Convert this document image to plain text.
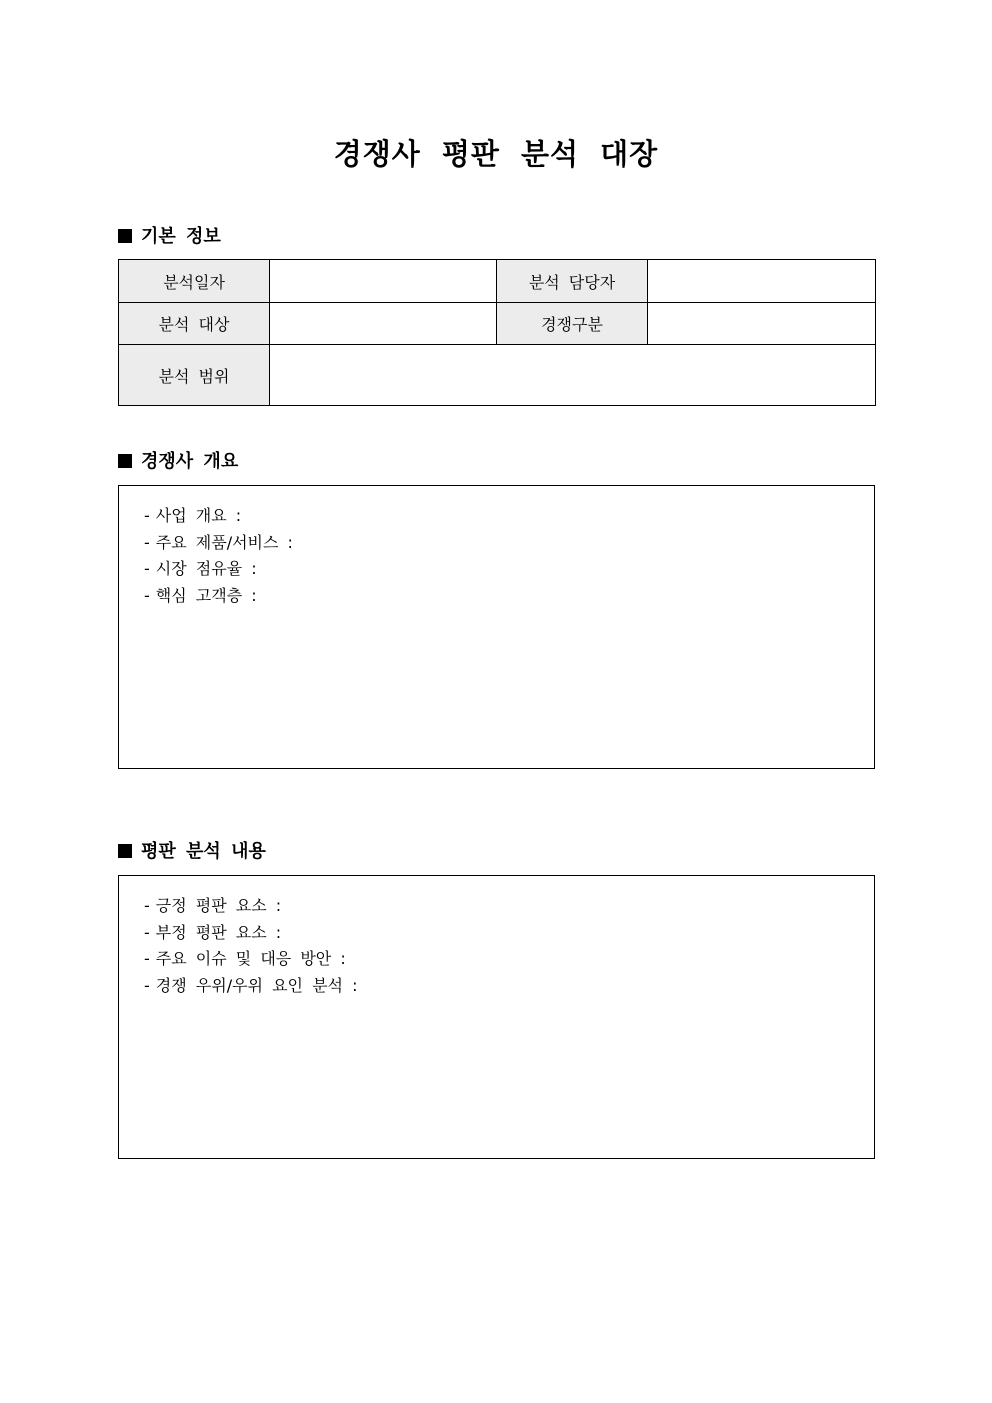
경쟁사 평판 분석 대장
기본 정보
분석일자		분석 담당자	
분석 대상		경쟁구분	
분석 범위			
경쟁사 개요
- 사업 개요 :
- 주요 제품/서비스 :
- 시장 점유율 :
- 핵심 고객층 :
평판 분석 내용
- 긍정 평판 요소 :
- 부정 평판 요소 :
- 주요 이슈 및 대응 방안 :
- 경쟁 우위/우위 요인 분석 :
